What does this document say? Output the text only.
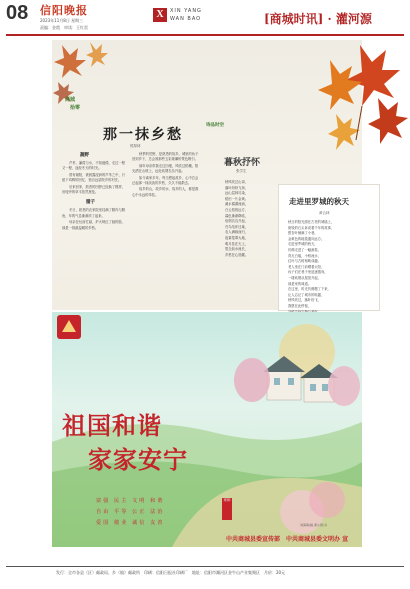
08 信阳晚报
2023年11月8日 星期三
责编：金霞　审读：王红雷
X	XIN YANG
WAN BAO	[商城时讯] · 灌河源
商城
拾零
那一抹乡愁
熊厚林
诗品时空
暮秋抒怀
张学生
蔬野

芦苇、蒹葭与水，不知疲倦，走过一程又一程，途经冬天的时光。

曾有朝阳，被晨露浸润的芦苇之中，只留下鸡鸭的回忆，独自远望故乡的村庄。

后来回家，熟悉的田野已经换了模样，田埂旁的草木依然葱茏。

腊子

冬日，熟悉的农家院里挂满了腊肉与腊鱼，年的气息渐渐浓了起来。

母亲在灶前忙碌，炉火映红了她的脸，那是一抹最温暖的乡愁。

秋季的荒野，是熟悉的故乡。城里的孩子回到乡下，总会被那些五彩斑斓的景色吸引。

那年母亲带我走过田埂，风吹过稻穗，阳光洒在山坡上，远处炊烟袅袅升起。

如今离家多年，每当想起故乡，心中总会泛起那一抹淡淡的乡愁，久久不能散去。

故乡的山，故乡的水，故乡的人，都是我心中永远的牵挂。

秋风吹过山岗，
落叶纷纷飞扬，
远山层林尽染，
稻田一片金黄。
溪水潺潺流淌，
白云悠悠远方，
暮色渐渐降临，
炊烟袅袅升起，
归鸟结伴还巢，
农人满载而归，
夜幕笼罩大地，
明月挂在天上，
思念如水流长，
乡愁在心底藏。
走进里罗城的秋天
黄合林
秋日的阳光照在古老的城墙上，
斑驳的石头诉说着千年的故事，
银杏叶铺满了小巷，
金黄色的地毯通向远方。
走进里罗城的秋天，
仿佛走进了一幅画卷，
青瓦白墙，小桥流水，
红叶与古树相映成趣。
老人坐在门前晒着太阳，
孩子们在巷子里追逐嬉戏，
一缕炊烟从屋顶升起，
那是家的味道。
在这里，时光仿佛慢了下来，
让人忘记了城市的喧嚣，
秋风吹过，落叶纷飞，
我愿在此停留，
祖国和谐
家家安宁
富强 民主 文明 和谐
自由 平等 公正 法治
爱国 敬业 诚信 友善
家和
刘润海/画 黄小毅/书
中共商城县委宣传部　中共商城县委文明办 宣
发行：全市各县（区）邮政局、乡（镇）邮政所　印刷：信阳日报社印刷厂　地址：信阳市浉河区金牛山产业集聚区　月价：20元
